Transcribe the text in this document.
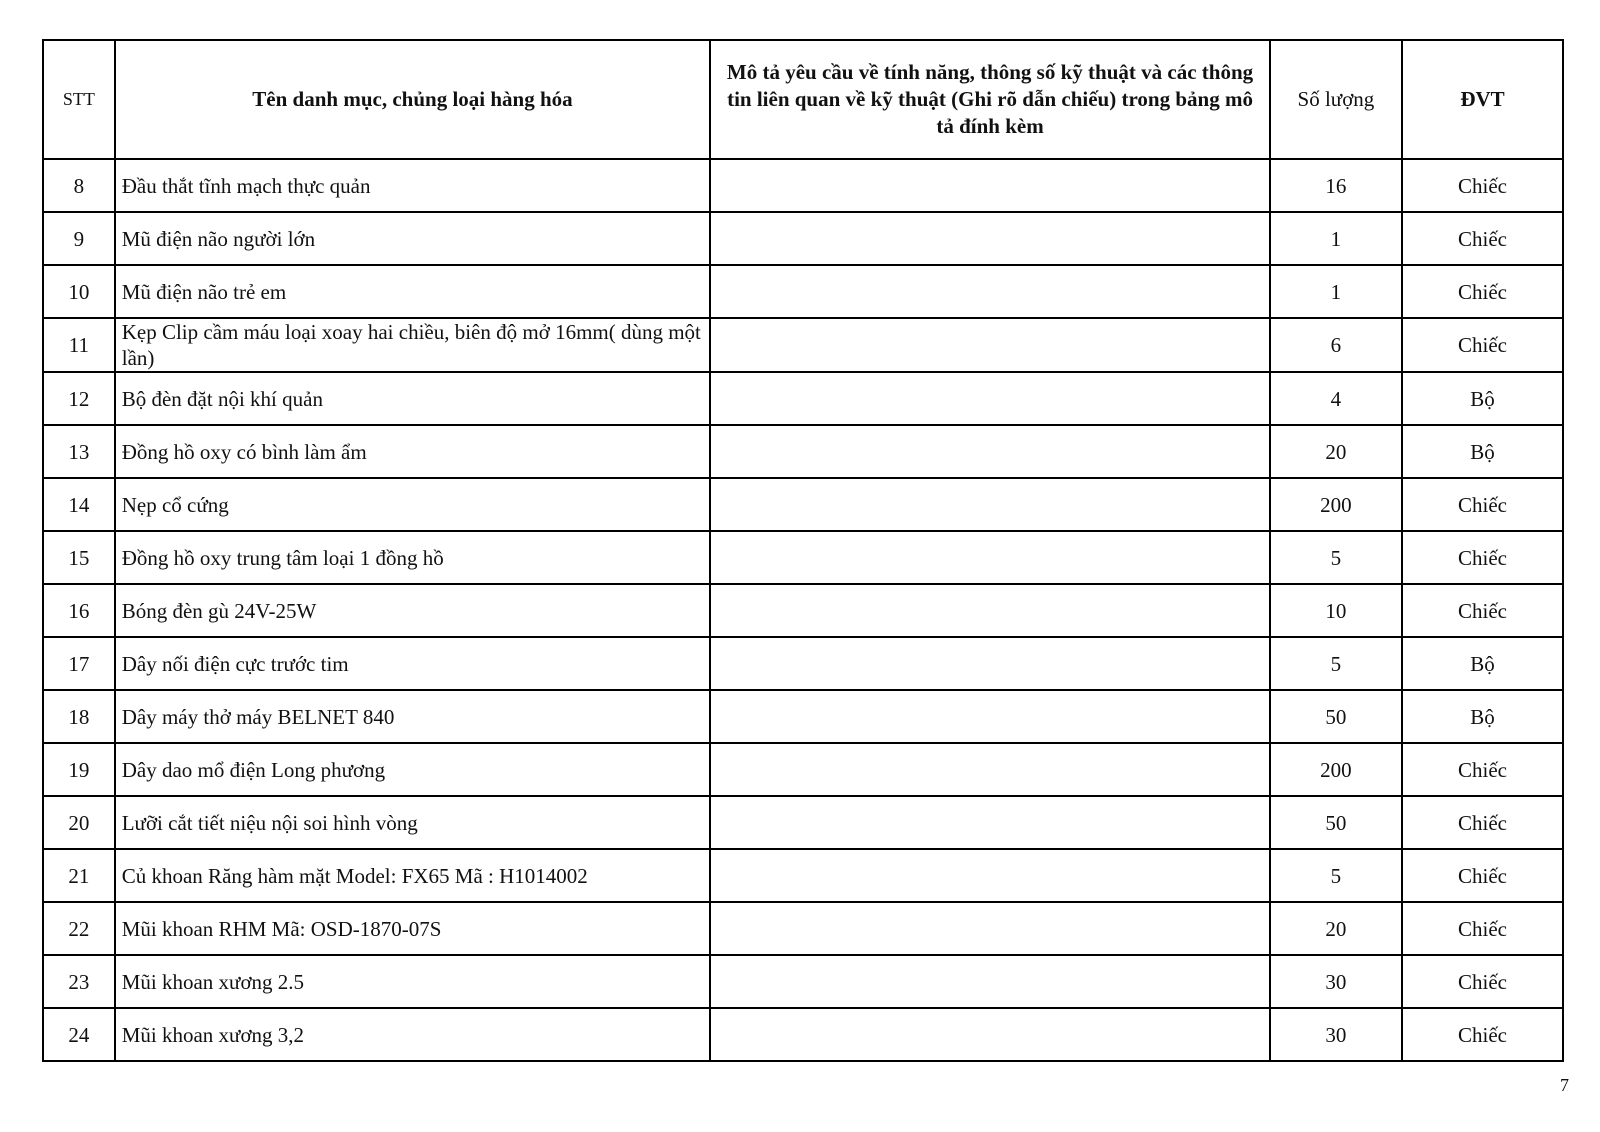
STT	Tên danh mục, chủng loại hàng hóa	Mô tả yêu cầu về tính năng, thông số kỹ thuật và các thông tin liên quan về kỹ thuật (Ghi rõ dẫn chiếu) trong bảng mô tả đính kèm	Số lượng	ĐVT
8	Đầu thắt tĩnh mạch thực quản		16	Chiếc
9	Mũ điện não người lớn		1	Chiếc
10	Mũ điện não trẻ em		1	Chiếc
11	Kẹp Clip cầm máu loại xoay hai chiều, biên độ mở 16mm( dùng một lần)		6	Chiếc
12	Bộ đèn đặt nội khí quản		4	Bộ
13	Đồng hồ oxy có bình làm ẩm		20	Bộ
14	Nẹp cổ cứng		200	Chiếc
15	Đồng hồ oxy trung tâm loại 1 đồng hồ		5	Chiếc
16	Bóng đèn gù 24V-25W		10	Chiếc
17	Dây nối điện cực trước tim		5	Bộ
18	Dây máy thở máy BELNET 840		50	Bộ
19	Dây dao mổ điện Long phương		200	Chiếc
20	Lưỡi cắt tiết niệu nội soi hình vòng		50	Chiếc
21	Củ khoan Răng hàm mặt Model: FX65 Mã : H1014002		5	Chiếc
22	Mũi khoan RHM Mã: OSD-1870-07S		20	Chiếc
23	Mũi khoan xương 2.5		30	Chiếc
24	Mũi khoan xương 3,2		30	Chiếc
7
